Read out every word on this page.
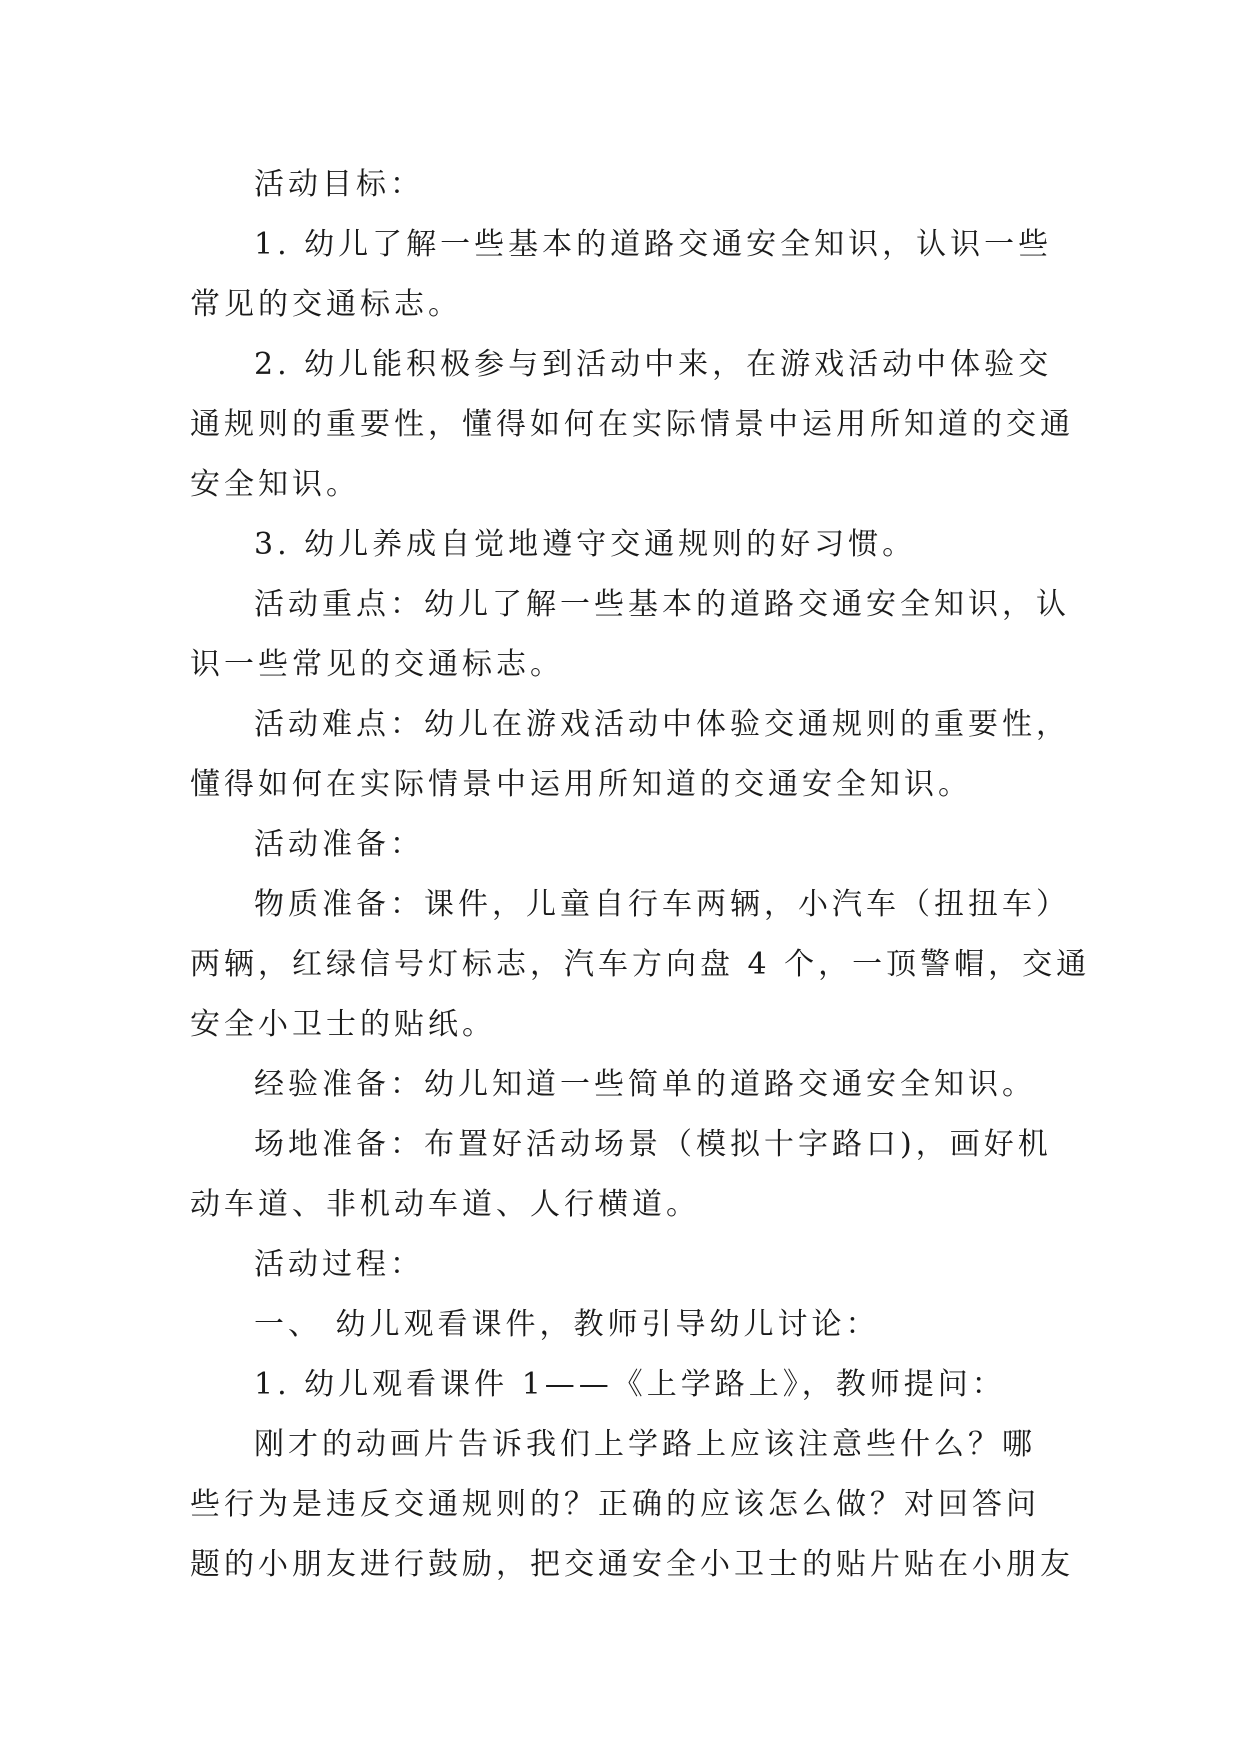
活动目标：
1. 幼儿了解一些基本的道路交通安全知识，认识一些
常见的交通标志。
2. 幼儿能积极参与到活动中来，在游戏活动中体验交
通规则的重要性，懂得如何在实际情景中运用所知道的交通
安全知识。
3. 幼儿养成自觉地遵守交通规则的好习惯。
活动重点：幼儿了解一些基本的道路交通安全知识，认
识一些常见的交通标志。
活动难点：幼儿在游戏活动中体验交通规则的重要性，
懂得如何在实际情景中运用所知道的交通安全知识。
活动准备：
物质准备：课件，儿童自行车两辆，小汽车（扭扭车）
两辆，红绿信号灯标志，汽车方向盘 4 个，一顶警帽，交通
安全小卫士的贴纸。
经验准备：幼儿知道一些简单的道路交通安全知识。
场地准备：布置好活动场景（模拟十字路口)，画好机
动车道、非机动车道、人行横道。
活动过程：
一、 幼儿观看课件，教师引导幼儿讨论：
1. 幼儿观看课件 1——《上学路上》，教师提问：
刚才的动画片告诉我们上学路上应该注意些什么？哪
些行为是违反交通规则的？正确的应该怎么做？对回答问
题的小朋友进行鼓励，把交通安全小卫士的贴片贴在小朋友
